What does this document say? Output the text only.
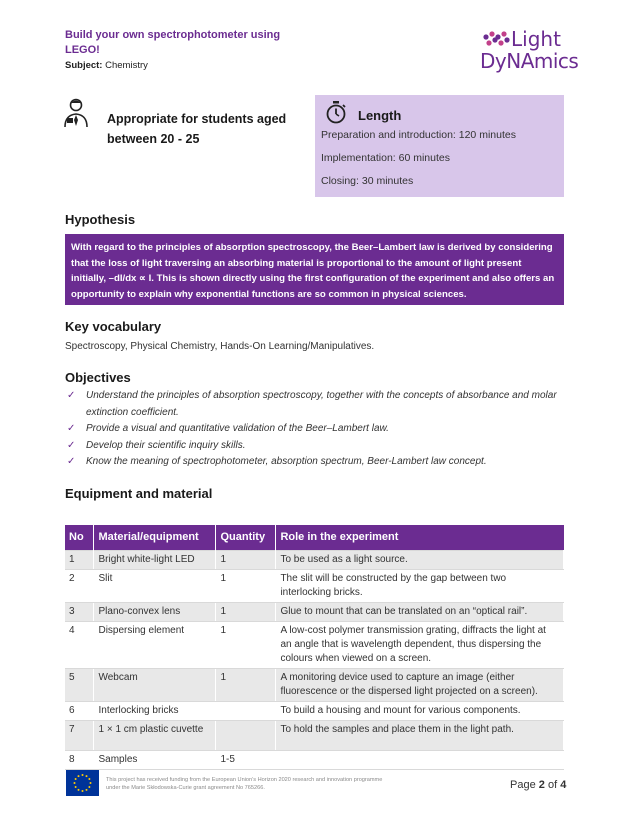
Build your own spectrophotometer using LEGO!
Subject: Chemistry
Light
DyNAmics
Appropriate for students aged between 20 - 25
Length
Preparation and introduction: 120 minutes
Implementation: 60 minutes
Closing: 30 minutes
Hypothesis
With regard to the principles of absorption spectroscopy, the Beer–Lambert law is derived by considering that the loss of light traversing an absorbing material is proportional to the amount of light present initially, –dI/dx ∝ I. This is shown directly using the first configuration of the experiment and also offers an opportunity to explain why exponential functions are so common in physical sciences.
Key vocabulary
Spectroscopy, Physical Chemistry, Hands-On Learning/Manipulatives.
Objectives
✓ Understand the principles of absorption spectroscopy, together with the concepts of absorbance and molar extinction coefficient.
✓ Provide a visual and quantitative validation of the Beer–Lambert law.
✓ Develop their scientific inquiry skills.
✓ Know the meaning of spectrophotometer, absorption spectrum, Beer-Lambert law concept.
Equipment and material
No	Material/equipment	Quantity	Role in the experiment
1	Bright white-light LED	1	To be used as a light source.
2	Slit	1	The slit will be constructed by the gap between two interlocking bricks.
3	Plano-convex lens	1	Glue to mount that can be translated on an “optical rail”.
4	Dispersing element	1	A low-cost polymer transmission grating, diffracts the light at an angle that is wavelength dependent, thus dispersing the colours when viewed on a screen.
5	Webcam	1	A monitoring device used to capture an image (either fluorescence or the dispersed light projected on a screen).
6	Interlocking bricks		To build a housing and mount for various components.
7	1 × 1 cm plastic cuvette		To hold the samples and place them in the light path.
8	Samples	1-5	
This project has received funding from the European Union’s Horizon 2020 research and innovation programme
under the Marie Skłodowska-Curie grant agreement No 765266.	Page 2 of 4
